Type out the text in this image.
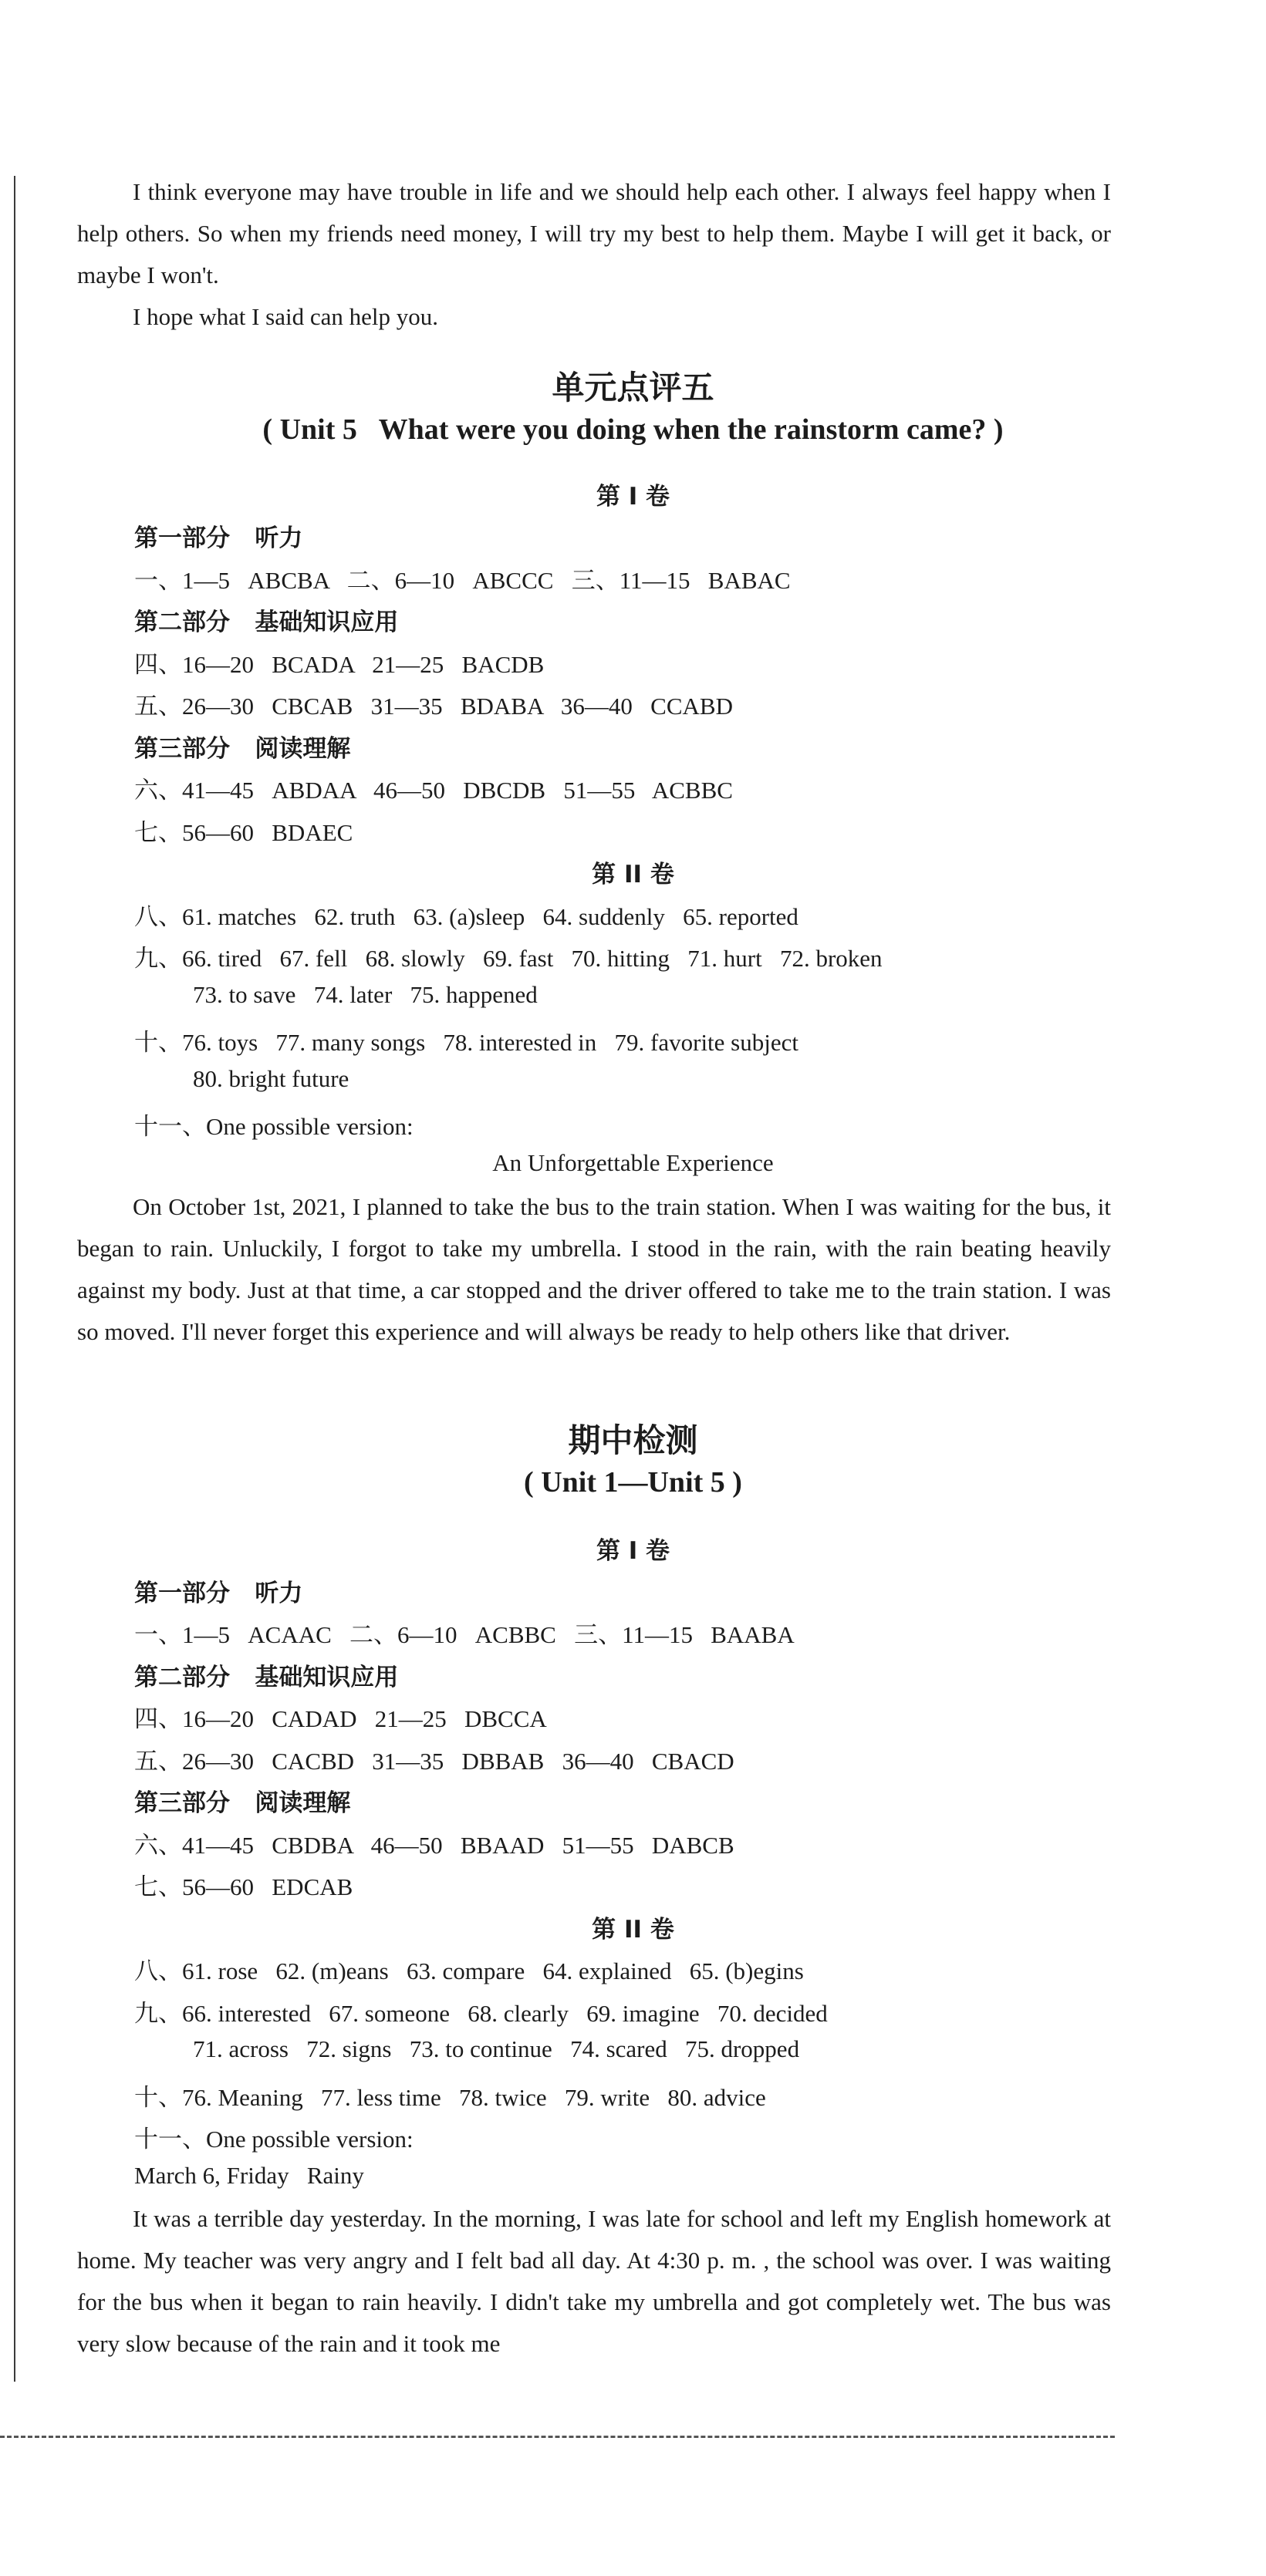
I think everyone may have trouble in life and we should help each other. I always feel happy when I help others. So when my friends need money, I will try my best to help them. Maybe I will get it back, or maybe I won't.

I hope what I said can help you.

单元点评五
( Unit 5   What were you doing when the rainstorm came? )
第 I 卷
第一部分   听力
一、1—5   ABCBA   二、6—10   ABCCC   三、11—15   BABAC
第二部分   基础知识应用
四、16—20   BCADA   21—25   BACDB
五、26—30   CBCAB   31—35   BDABA   36—40   CCABD
第三部分   阅读理解
六、41—45   ABDAA   46—50   DBCDB   51—55   ACBBC
七、56—60   BDAEC
第 II 卷
八、61. matches   62. truth   63. (a)sleep   64. suddenly   65. reported
九、66. tired   67. fell   68. slowly   69. fast   70. hitting   71. hurt   72. broken
73. to save   74. later   75. happened
十、76. toys   77. many songs   78. interested in   79. favorite subject
80. bright future
十一、One possible version:
An Unforgettable Experience

On October 1st, 2021, I planned to take the bus to the train station. When I was waiting for the bus, it began to rain. Unluckily, I forgot to take my umbrella. I stood in the rain, with the rain beating heavily against my body. Just at that time, a car stopped and the driver offered to take me to the train station. I was so moved. I'll never forget this experience and will always be ready to help others like that driver.

期中检测
( Unit 1—Unit 5 )
第 I 卷
第一部分   听力
一、1—5   ACAAC   二、6—10   ACBBC   三、11—15   BAABA
第二部分   基础知识应用
四、16—20   CADAD   21—25   DBCCA
五、26—30   CACBD   31—35   DBBAB   36—40   CBACD
第三部分   阅读理解
六、41—45   CBDBA   46—50   BBAAD   51—55   DABCB
七、56—60   EDCAB
第 II 卷
八、61. rose   62. (m)eans   63. compare   64. explained   65. (b)egins
九、66. interested   67. someone   68. clearly   69. imagine   70. decided
71. across   72. signs   73. to continue   74. scared   75. dropped
十、76. Meaning   77. less time   78. twice   79. write   80. advice
十一、One possible version:
March 6, Friday   Rainy

It was a terrible day yesterday. In the morning, I was late for school and left my English homework at home. My teacher was very angry and I felt bad all day. At 4:30 p. m. , the school was over. I was waiting for the bus when it began to rain heavily. I didn't take my umbrella and got completely wet. The bus was very slow because of the rain and it took me
